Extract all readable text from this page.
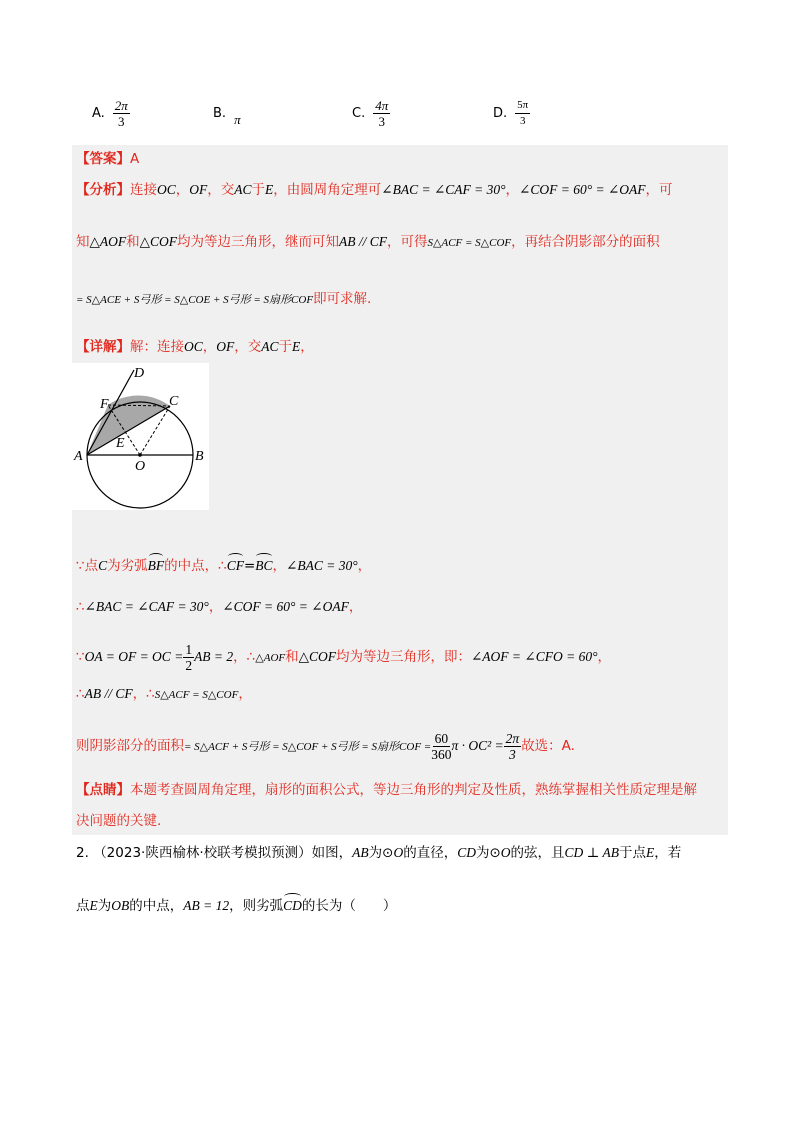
A. $\frac{2\pi}{3}$	B. π	C. $\frac{4\pi}{3}$	D. $\frac{5\pi}{3}$
【答案】A
【分析】连接OC，OF，交AC于E，由圆周角定理可∠BAC = ∠CAF = 30°，∠COF = 60° = ∠OAF，可
知△AOF和△COF均为等边三角形，继而可知AB // CF，可得S△ACF = S△COF，再结合阴影部分的面积
= S△ACE + S弓形 = S△COE + S弓形 = S扇形COF即可求解.
【详解】解：连接OC，OF，交AC于E，
D
F	C
E
A
O
B
∵点C为劣弧BF的中点，∴CF=BC，∠BAC = 30°，
∴∠BAC = ∠CAF = 30°，∠COF = 60° = ∠OAF，
∵OA = OF = OC = $\frac{1}{2}$ AB = 2，∴△AOF和△COF均为等边三角形，即：∠AOF = ∠CFO = 60°，
∴AB // CF，∴S△ACF = S△COF，
则阴影部分的面积= S△ACF + S弓形 = S△COF + S弓形 = S扇形COF = $\frac{60}{360}$ $\pi \cdot OC^2 = \frac{2\pi}{3}$ 故选：A.
【点睛】本题考查圆周角定理，扇形的面积公式，等边三角形的判定及性质，熟练掌握相关性质定理是解
决问题的关键.
2. （2023·陕西榆林·校联考模拟预测）如图，AB为⊙O的直径，CD为⊙O的弦，且CD ⊥ AB于点E，若
点E为OB的中点，AB = 12，则劣弧CD的长为（　　）
